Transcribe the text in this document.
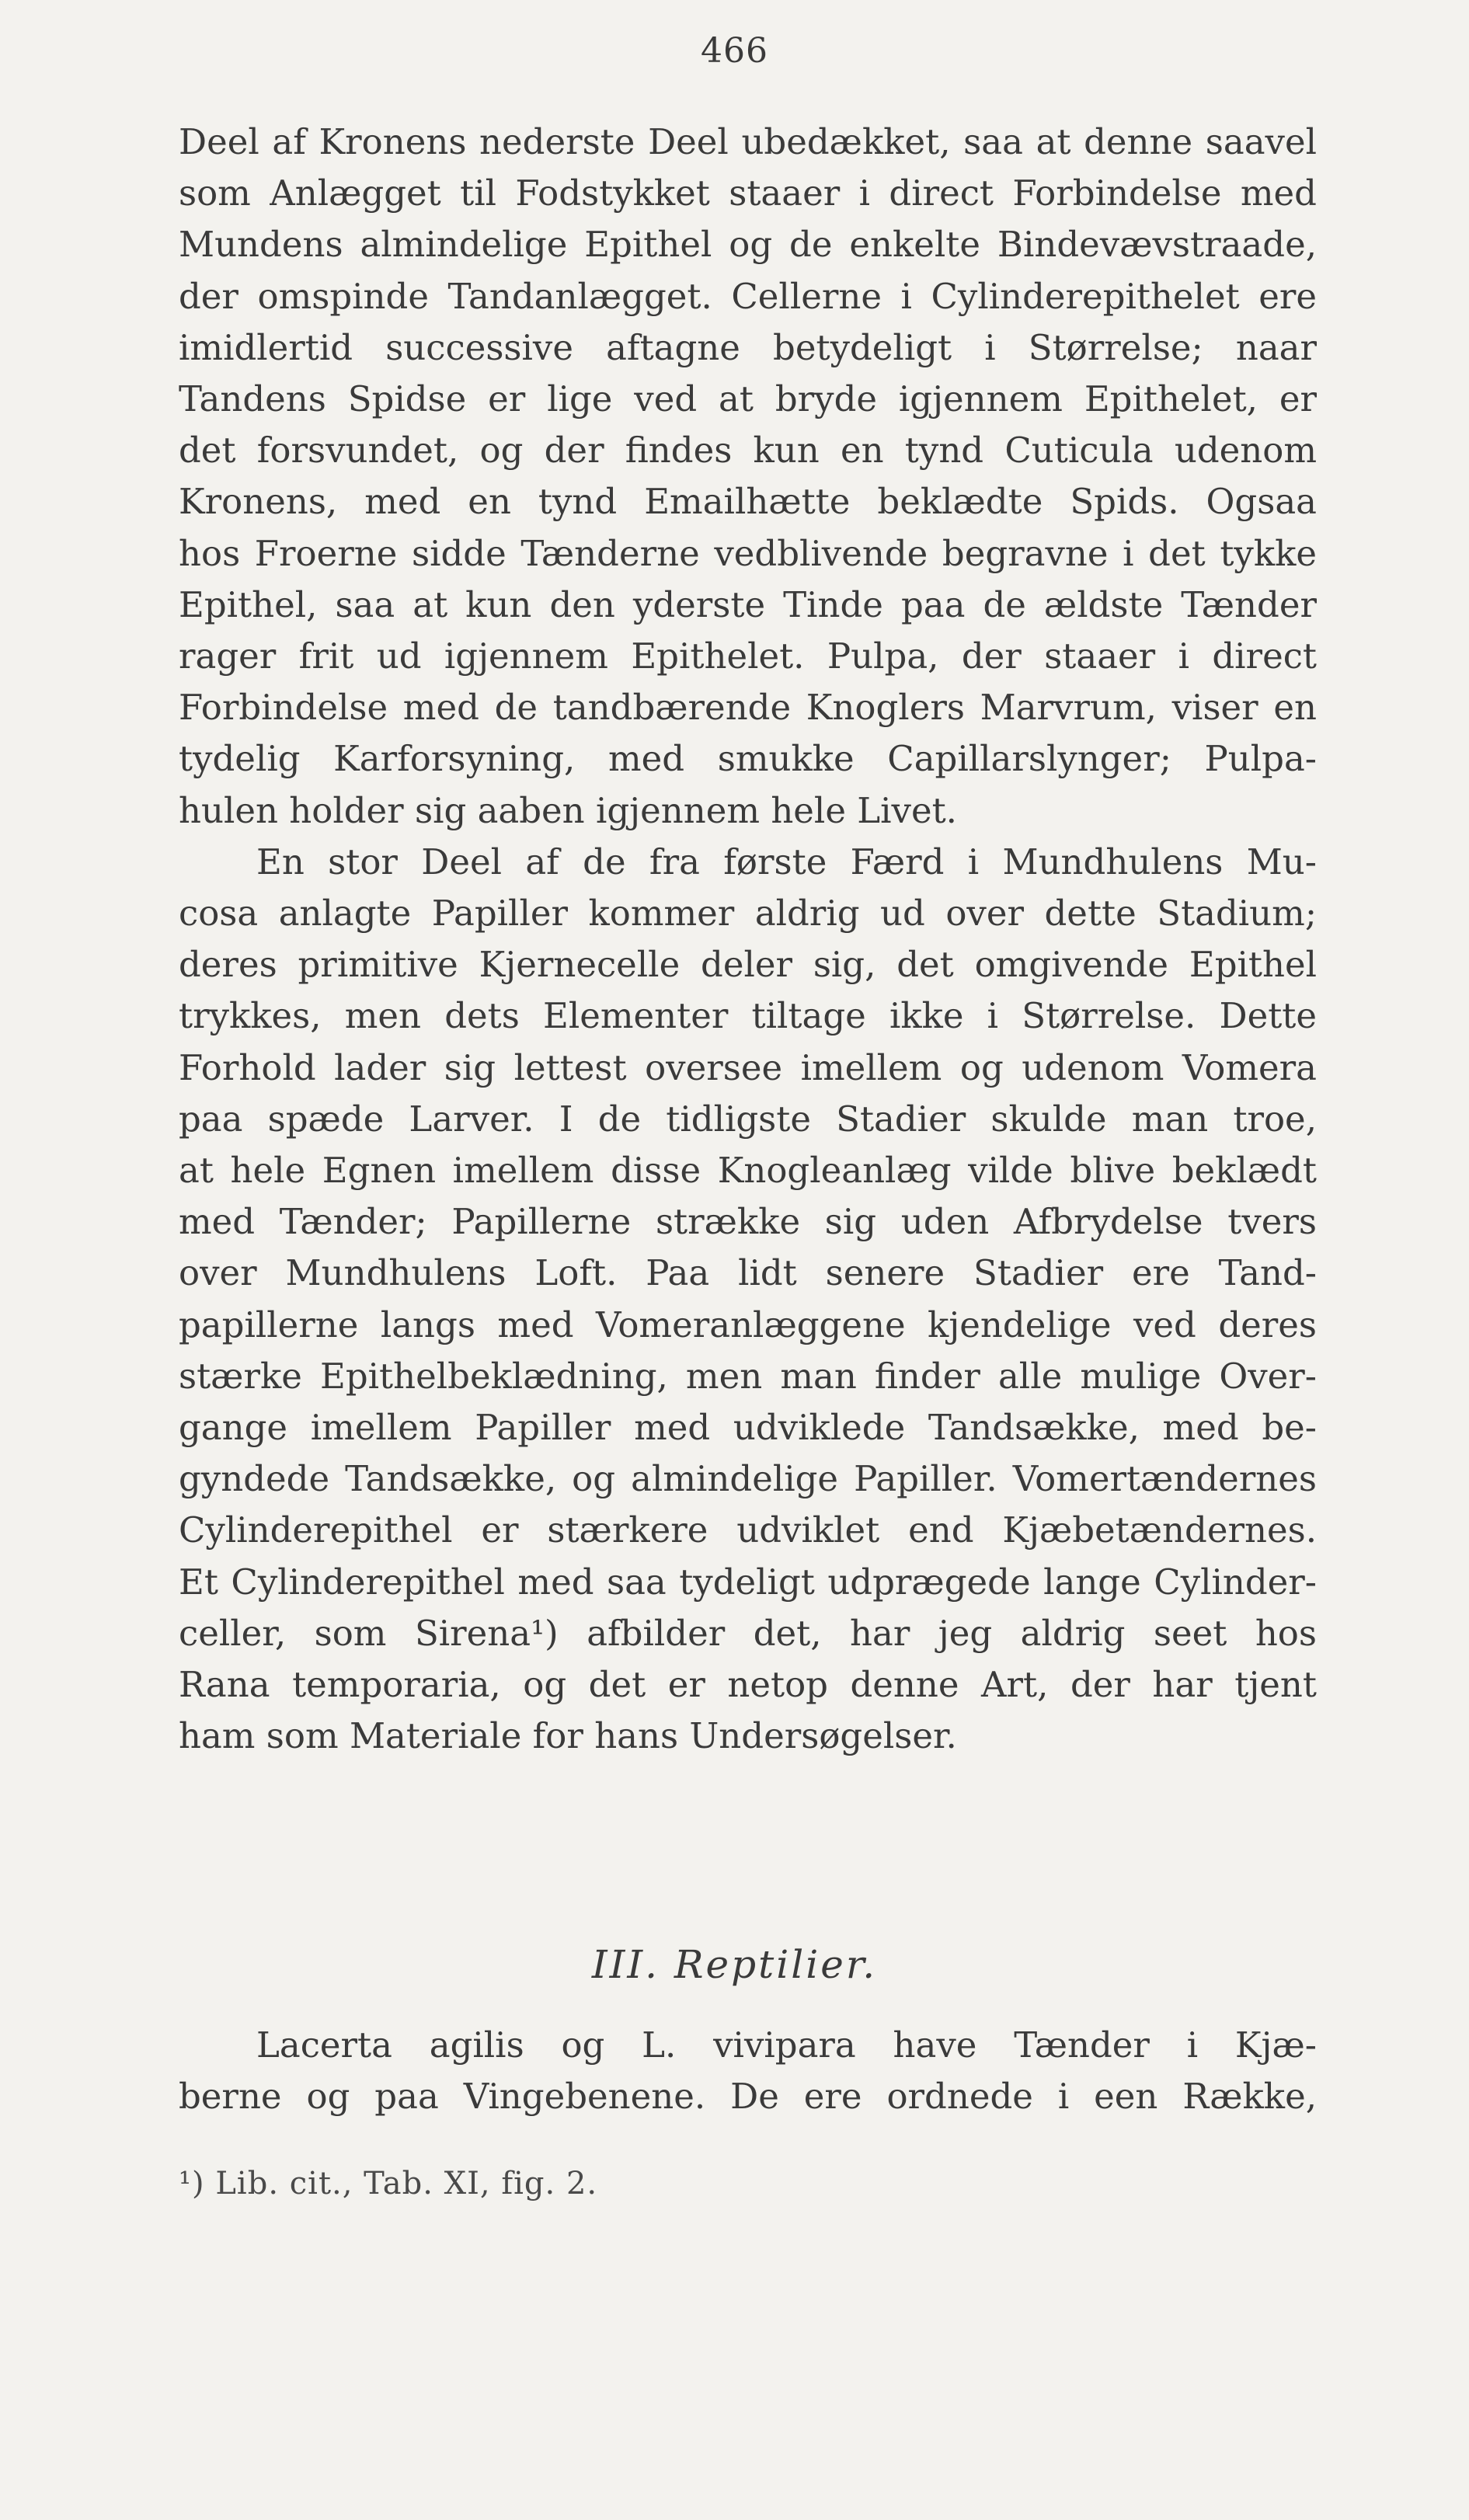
466
Deel af Kronens nederste Deel ubedækket, saa at denne saavel
som Anlægget til Fodstykket staaer i direct Forbindelse med
Mundens almindelige Epithel og de enkelte Bindevævstraade,
der omspinde Tandanlægget. Cellerne i Cylinderepithelet ere
imidlertid successive aftagne betydeligt i Størrelse; naar
Tandens Spidse er lige ved at bryde igjennem Epithelet, er
det forsvundet, og der findes kun en tynd Cuticula udenom
Kronens, med en tynd Emailhætte beklædte Spids. Ogsaa
hos Froerne sidde Tænderne vedblivende begravne i det tykke
Epithel, saa at kun den yderste Tinde paa de ældste Tænder
rager frit ud igjennem Epithelet. Pulpa, der staaer i direct
Forbindelse med de tandbærende Knoglers Marvrum, viser en
tydelig Karforsyning, med smukke Capillarslynger; Pulpa-
hulen holder sig aaben igjennem hele Livet.
En stor Deel af de fra første Færd i Mundhulens Mu-
cosa anlagte Papiller kommer aldrig ud over dette Stadium;
deres primitive Kjernecelle deler sig, det omgivende Epithel
trykkes, men dets Elementer tiltage ikke i Størrelse. Dette
Forhold lader sig lettest oversee imellem og udenom Vomera
paa spæde Larver. I de tidligste Stadier skulde man troe,
at hele Egnen imellem disse Knogleanlæg vilde blive beklædt
med Tænder; Papillerne strække sig uden Afbrydelse tvers
over Mundhulens Loft. Paa lidt senere Stadier ere Tand-
papillerne langs med Vomeranlæggene kjendelige ved deres
stærke Epithelbeklædning, men man finder alle mulige Over-
gange imellem Papiller med udviklede Tandsække, med be-
gyndede Tandsække, og almindelige Papiller. Vomertændernes
Cylinderepithel er stærkere udviklet end Kjæbetændernes.
Et Cylinderepithel med saa tydeligt udprægede lange Cylinder-
celler, som Sirena¹) afbilder det, har jeg aldrig seet hos
Rana temporaria, og det er netop denne Art, der har tjent
ham som Materiale for hans Undersøgelser.
III. Reptilier.
Lacerta agilis og L. vivipara have Tænder i Kjæ-
berne og paa Vingebenene. De ere ordnede i een Række,
¹) Lib. cit., Tab. XI, fig. 2.
